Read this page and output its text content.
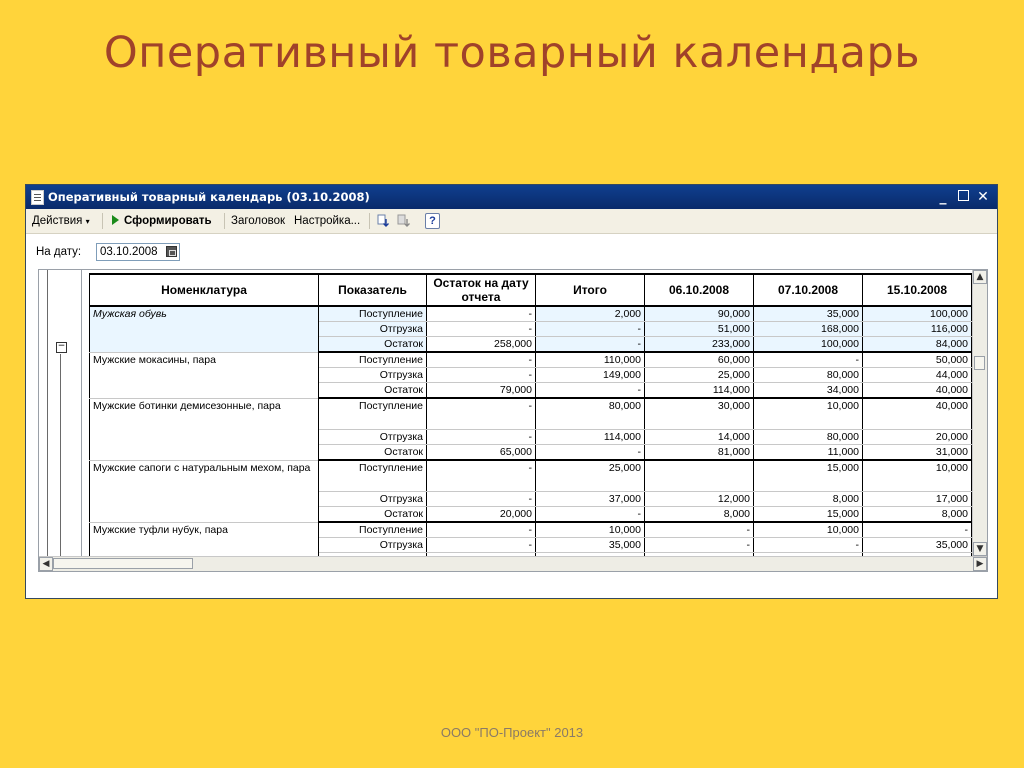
Оперативный товарный календарь
Оперативный товарный календарь (03.10.2008)	_	✕
Действия ▾	Сформировать Заголовок Настройка...	?
На дату:	03.10.2008
−
Номенклатура	Показатель	Остаток на дату отчета	Итого	06.10.2008	07.10.2008	15.10.2008
Мужская обувь	Поступление	-	2,000	90,000	35,000	100,000
	Отгрузка	-	-	51,000	168,000	116,000
	Остаток	258,000	-	233,000	100,000	84,000
Мужские мокасины, пара	Поступление	-	110,000	60,000	-	50,000
	Отгрузка	-	149,000	25,000	80,000	44,000
	Остаток	79,000	-	114,000	34,000	40,000
Мужские ботинки демисезонные, пара	Поступление	-	80,000	30,000	10,000	40,000
	Отгрузка	-	114,000	14,000	80,000	20,000
	Остаток	65,000	-	81,000	11,000	31,000
Мужские сапоги с натуральным мехом, пара	Поступление	-	25,000		15,000	10,000
	Отгрузка	-	37,000	12,000	8,000	17,000
	Остаток	20,000	-	8,000	15,000	8,000
Мужские туфли нубук, пара	Поступление	-	10,000	-	10,000	-
	Отгрузка	-	35,000	-	-	35,000

▲
▼
◀	▶
ООО "ПО-Проект" 2013
